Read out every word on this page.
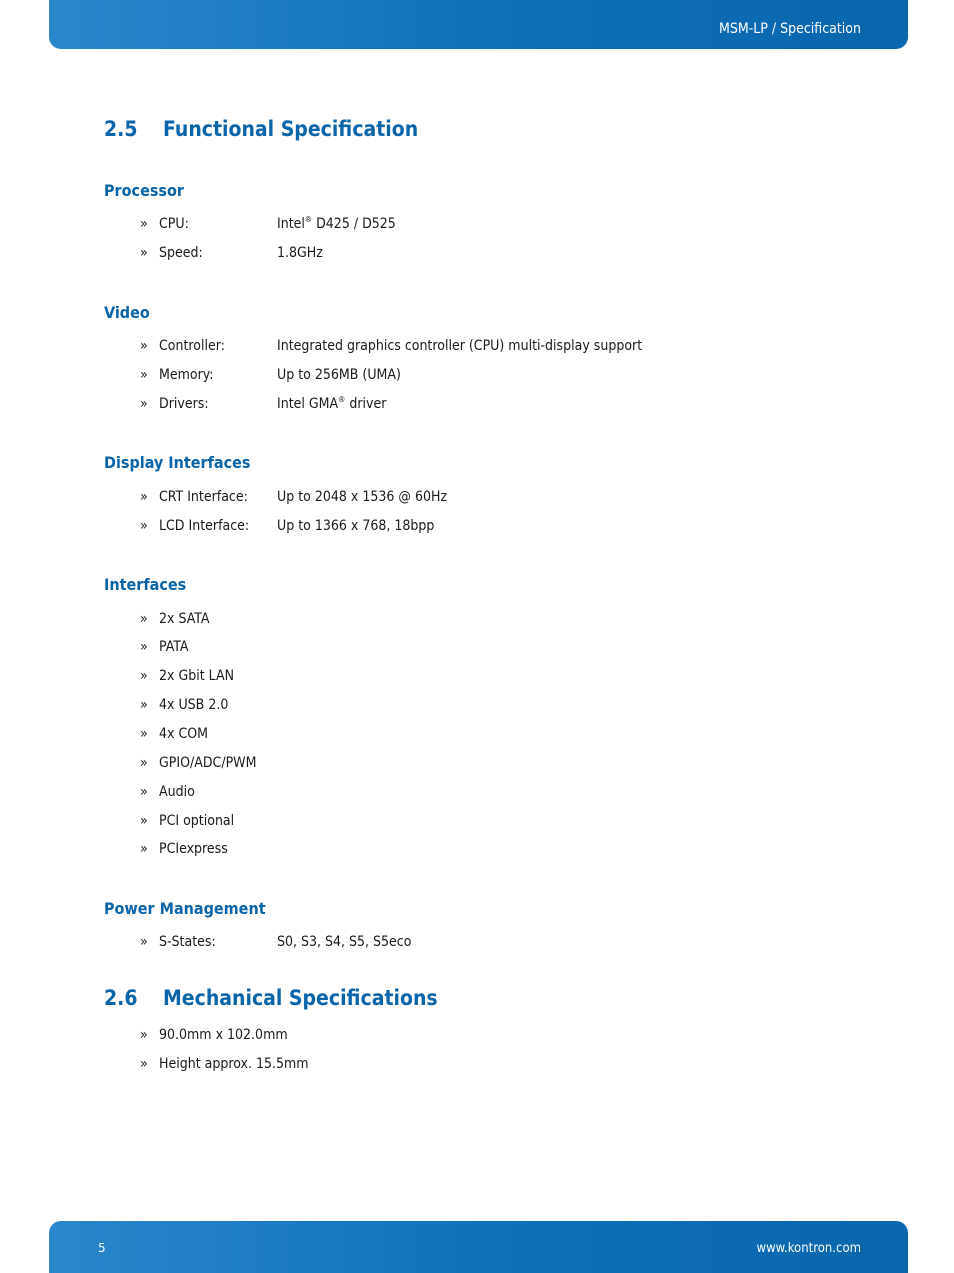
MSM-LP / Specification
2.5 Functional Specification
Processor

» CPU:	Intel® D425 / D525

» Speed:	1.8GHz

Video

» Controller:	Integrated graphics controller (CPU) multi-display support

» Memory:	Up to 256MB (UMA)

» Drivers:	Intel GMA® driver

Display Interfaces

» CRT Interface: Up to 2048 x 1536 @ 60Hz

» LCD Interface: Up to 1366 x 768, 18bpp

Interfaces

» 2x SATA

» PATA

» 2x Gbit LAN

» 4x USB 2.0

» 4x COM

» GPIO/ADC/PWM

» Audio

» PCI optional

» PCIexpress

Power Management

» S-States:	S0, S3, S4, S5, S5eco

2.6 Mechanical Specifications

» 90.0mm x 102.0mm

» Height approx. 15.5mm

5	www.kontron.com
